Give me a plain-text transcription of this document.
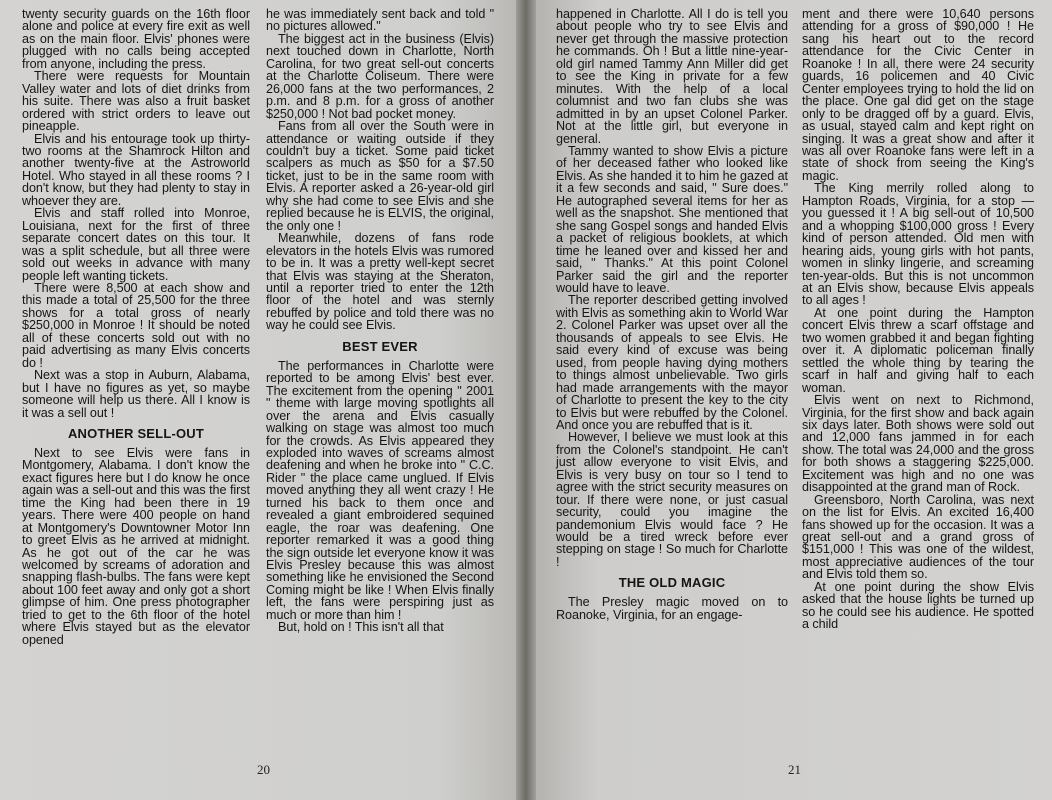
twenty security guards on the 16th floor alone and police at every fire exit as well as on the main floor. Elvis' phones were plugged with no calls being accepted from anyone, including the press.

There were requests for Mountain Valley water and lots of diet drinks from his suite. There was also a fruit basket ordered with strict orders to leave out pineapple.

Elvis and his entourage took up thirty-two rooms at the Shamrock Hilton and another twenty-five at the Astroworld Hotel. Who stayed in all these rooms ? I don't know, but they had plenty to stay in whoever they are.

Elvis and staff rolled into Monroe, Louisiana, next for the first of three separate concert dates on this tour. It was a split schedule, but all three were sold out weeks in advance with many people left wanting tickets.

There were 8,500 at each show and this made a total of 25,500 for the three shows for a total gross of nearly $250,000 in Monroe ! It should be noted all of these concerts sold out with no paid advertising as many Elvis concerts do !

Next was a stop in Auburn, Alabama, but I have no figures as yet, so maybe someone will help us there. All I know is it was a sell out !

ANOTHER SELL-OUT

Next to see Elvis were fans in Montgomery, Alabama. I don't know the exact figures here but I do know he once again was a sell-out and this was the first time the King had been there in 19 years. There were 400 people on hand at Montgomery's Downtowner Motor Inn to greet Elvis as he arrived at midnight. As he got out of the car he was welcomed by screams of adoration and snapping flash-bulbs. The fans were kept about 100 feet away and only got a short glimpse of him. One press photographer tried to get to the 6th floor of the hotel where Elvis stayed but as the elevator opened

he was immediately sent back and told " no pictures allowed."

The biggest act in the business (Elvis) next touched down in Charlotte, North Carolina, for two great sell-out concerts at the Charlotte Coliseum. There were 26,000 fans at the two performances, 2 p.m. and 8 p.m. for a gross of another $250,000 ! Not bad pocket money.

Fans from all over the South were in attendance or waiting outside if they couldn't buy a ticket. Some paid ticket scalpers as much as $50 for a $7.50 ticket, just to be in the same room with Elvis. A reporter asked a 26-year-old girl why she had come to see Elvis and she replied because he is ELVIS, the original, the only one !

Meanwhile, dozens of fans rode elevators in the hotels Elvis was rumored to be in. It was a pretty well-kept secret that Elvis was staying at the Sheraton, until a reporter tried to enter the 12th floor of the hotel and was sternly rebuffed by police and told there was no way he could see Elvis.

BEST EVER

The performances in Charlotte were reported to be among Elvis' best ever. The excitement from the opening " 2001 " theme with large moving spotlights all over the arena and Elvis casually walking on stage was almost too much for the crowds. As Elvis appeared they exploded into waves of screams almost deafening and when he broke into " C.C. Rider " the place came unglued. If Elvis moved anything they all went crazy ! He turned his back to them once and revealed a giant embroidered sequined eagle, the roar was deafening. One reporter remarked it was a good thing the sign outside let everyone know it was Elvis Presley because this was almost something like he envisioned the Second Coming might be like ! When Elvis finally left, the fans were perspiring just as much or more than him !

But, hold on ! This isn't all that

20

happened in Charlotte. All I do is tell you about people who try to see Elvis and never get through the massive protection he commands. Oh ! But a little nine-year-old girl named Tammy Ann Miller did get to see the King in private for a few minutes. With the help of a local columnist and two fan clubs she was admitted in by an upset Colonel Parker. Not at the little girl, but everyone in general.

Tammy wanted to show Elvis a picture of her deceased father who looked like Elvis. As she handed it to him he gazed at it a few seconds and said, " Sure does." He autographed several items for her as well as the snapshot. She mentioned that she sang Gospel songs and handed Elvis a packet of religious booklets, at which time he leaned over and kissed her and said, " Thanks." At this point Colonel Parker said the girl and the reporter would have to leave.

The reporter described getting involved with Elvis as something akin to World War 2. Colonel Parker was upset over all the thousands of appeals to see Elvis. He said every kind of excuse was being used, from people having dying mothers to things almost unbelievable. Two girls had made arrangements with the mayor of Charlotte to present the key to the city to Elvis but were rebuffed by the Colonel. And once you are rebuffed that is it.

However, I believe we must look at this from the Colonel's standpoint. He can't just allow everyone to visit Elvis, and Elvis is very busy on tour so I tend to agree with the strict security measures on tour. If there were none, or just casual security, could you imagine the pandemonium Elvis would face ? He would be a tired wreck before ever stepping on stage ! So much for Charlotte !

THE OLD MAGIC

The Presley magic moved on to Roanoke, Virginia, for an engage-

ment and there were 10,640 persons attending for a gross of $90,000 ! He sang his heart out to the record attendance for the Civic Center in Roanoke ! In all, there were 24 security guards, 16 policemen and 40 Civic Center employees trying to hold the lid on the place. One gal did get on the stage only to be dragged off by a guard. Elvis, as usual, stayed calm and kept right on singing. It was a great show and after it was all over Roanoke fans were left in a state of shock from seeing the King's magic.

The King merrily rolled along to Hampton Roads, Virginia, for a stop — you guessed it ! A big sell-out of 10,500 and a whopping $100,000 gross ! Every kind of person attended. Old men with hearing aids, young girls with hot pants, women in slinky lingerie, and screaming ten-year-olds. But this is not uncommon at an Elvis show, because Elvis appeals to all ages !

At one point during the Hampton concert Elvis threw a scarf offstage and two women grabbed it and began fighting over it. A diplomatic policeman finally settled the whole thing by tearing the scarf in half and giving half to each woman.

Elvis went on next to Richmond, Virginia, for the first show and back again six days later. Both shows were sold out and 12,000 fans jammed in for each show. The total was 24,000 and the gross for both shows a staggering $225,000. Excitement was high and no one was disappointed at the grand man of Rock.

Greensboro, North Carolina, was next on the list for Elvis. An excited 16,400 fans showed up for the occasion. It was a great sell-out and a grand gross of $151,000 ! This was one of the wildest, most appreciative audiences of the tour and Elvis told them so.

At one point during the show Elvis asked that the house lights be turned up so he could see his audience. He spotted a child

21
